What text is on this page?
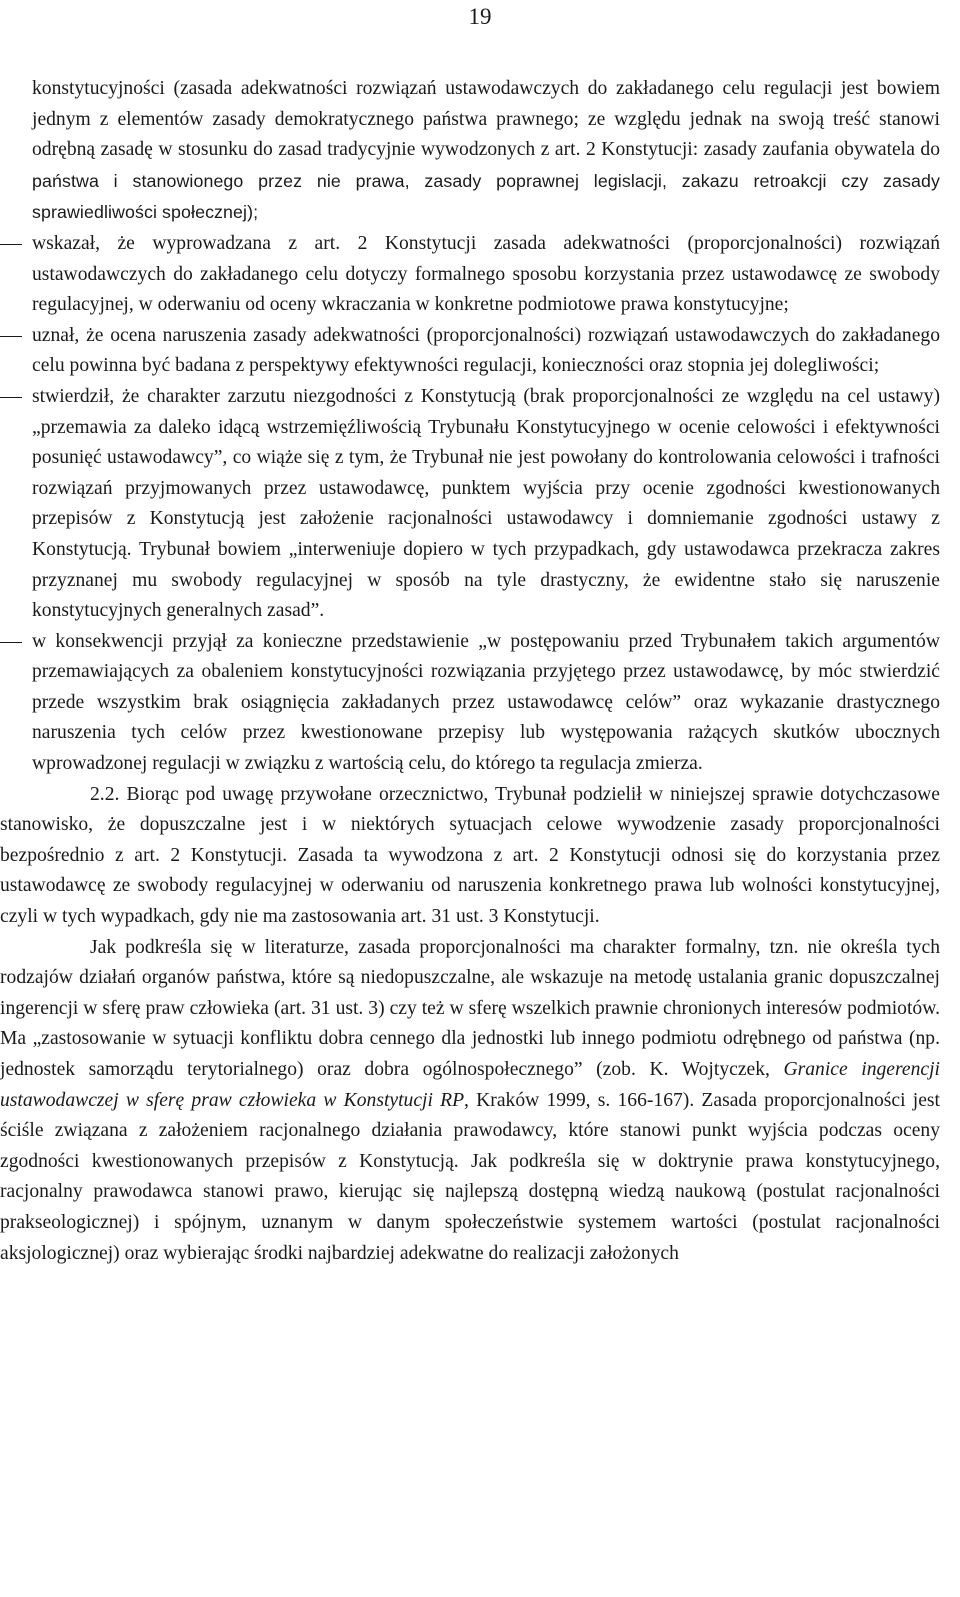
19

konstytucyjności (zasada adekwatności rozwiązań ustawodawczych do zakładanego celu regulacji jest bowiem jednym z elementów zasady demokratycznego państwa prawnego; ze względu jednak na swoją treść stanowi odrębną zasadę w stosunku do zasad tradycyjnie wywodzonych z art. 2 Konstytucji: zasady zaufania obywatela do państwa i stanowionego przez nie prawa, zasady poprawnej legislacji, zakazu retroakcji czy zasady sprawiedliwości społecznej);

wskazał, że wyprowadzana z art. 2 Konstytucji zasada adekwatności (proporcjonalności) rozwiązań ustawodawczych do zakładanego celu dotyczy formalnego sposobu korzystania przez ustawodawcę ze swobody regulacyjnej, w oderwaniu od oceny wkraczania w konkretne podmiotowe prawa konstytucyjne;

uznał, że ocena naruszenia zasady adekwatności (proporcjonalności) rozwiązań ustawodawczych do zakładanego celu powinna być badana z perspektywy efektywności regulacji, konieczności oraz stopnia jej dolegliwości;

stwierdził, że charakter zarzutu niezgodności z Konstytucją (brak proporcjonalności ze względu na cel ustawy) „przemawia za daleko idącą wstrzemięźliwością Trybunału Konstytucyjnego w ocenie celowości i efektywności posunięć ustawodawcy”, co wiąże się z tym, że Trybunał nie jest powołany do kontrolowania celowości i trafności rozwiązań przyjmowanych przez ustawodawcę, punktem wyjścia przy ocenie zgodności kwestionowanych przepisów z Konstytucją jest założenie racjonalności ustawodawcy i domniemanie zgodności ustawy z Konstytucją. Trybunał bowiem „interweniuje dopiero w tych przypadkach, gdy ustawodawca przekracza zakres przyznanej mu swobody regulacyjnej w sposób na tyle drastyczny, że ewidentne stało się naruszenie konstytucyjnych generalnych zasad”.

w konsekwencji przyjął za konieczne przedstawienie „w postępowaniu przed Trybunałem takich argumentów przemawiających za obaleniem konstytucyjności rozwiązania przyjętego przez ustawodawcę, by móc stwierdzić przede wszystkim brak osiągnięcia zakładanych przez ustawodawcę celów” oraz wykazanie drastycznego naruszenia tych celów przez kwestionowane przepisy lub występowania rażących skutków ubocznych wprowadzonej regulacji w związku z wartością celu, do którego ta regulacja zmierza.

2.2. Biorąc pod uwagę przywołane orzecznictwo, Trybunał podzielił w niniejszej sprawie dotychczasowe stanowisko, że dopuszczalne jest i w niektórych sytuacjach celowe wywodzenie zasady proporcjonalności bezpośrednio z art. 2 Konstytucji. Zasada ta wywodzona z art. 2 Konstytucji odnosi się do korzystania przez ustawodawcę ze swobody regulacyjnej w oderwaniu od naruszenia konkretnego prawa lub wolności konstytucyjnej, czyli w tych wypadkach, gdy nie ma zastosowania art. 31 ust. 3 Konstytucji.

Jak podkreśla się w literaturze, zasada proporcjonalności ma charakter formalny, tzn. nie określa tych rodzajów działań organów państwa, które są niedopuszczalne, ale wskazuje na metodę ustalania granic dopuszczalnej ingerencji w sferę praw człowieka (art. 31 ust. 3) czy też w sferę wszelkich prawnie chronionych interesów podmiotów. Ma „zastosowanie w sytuacji konfliktu dobra cennego dla jednostki lub innego podmiotu odrębnego od państwa (np. jednostek samorządu terytorialnego) oraz dobra ogólnospołecznego” (zob. K. Wojtyczek, Granice ingerencji ustawodawczej w sferę praw człowieka w Konstytucji RP, Kraków 1999, s. 166-167). Zasada proporcjonalności jest ściśle związana z założeniem racjonalnego działania prawodawcy, które stanowi punkt wyjścia podczas oceny zgodności kwestionowanych przepisów z Konstytucją. Jak podkreśla się w doktrynie prawa konstytucyjnego, racjonalny prawodawca stanowi prawo, kierując się najlepszą dostępną wiedzą naukową (postulat racjonalności prakseologicznej) i spójnym, uznanym w danym społeczeństwie systemem wartości (postulat racjonalności aksjologicznej) oraz wybierając środki najbardziej adekwatne do realizacji założonych
